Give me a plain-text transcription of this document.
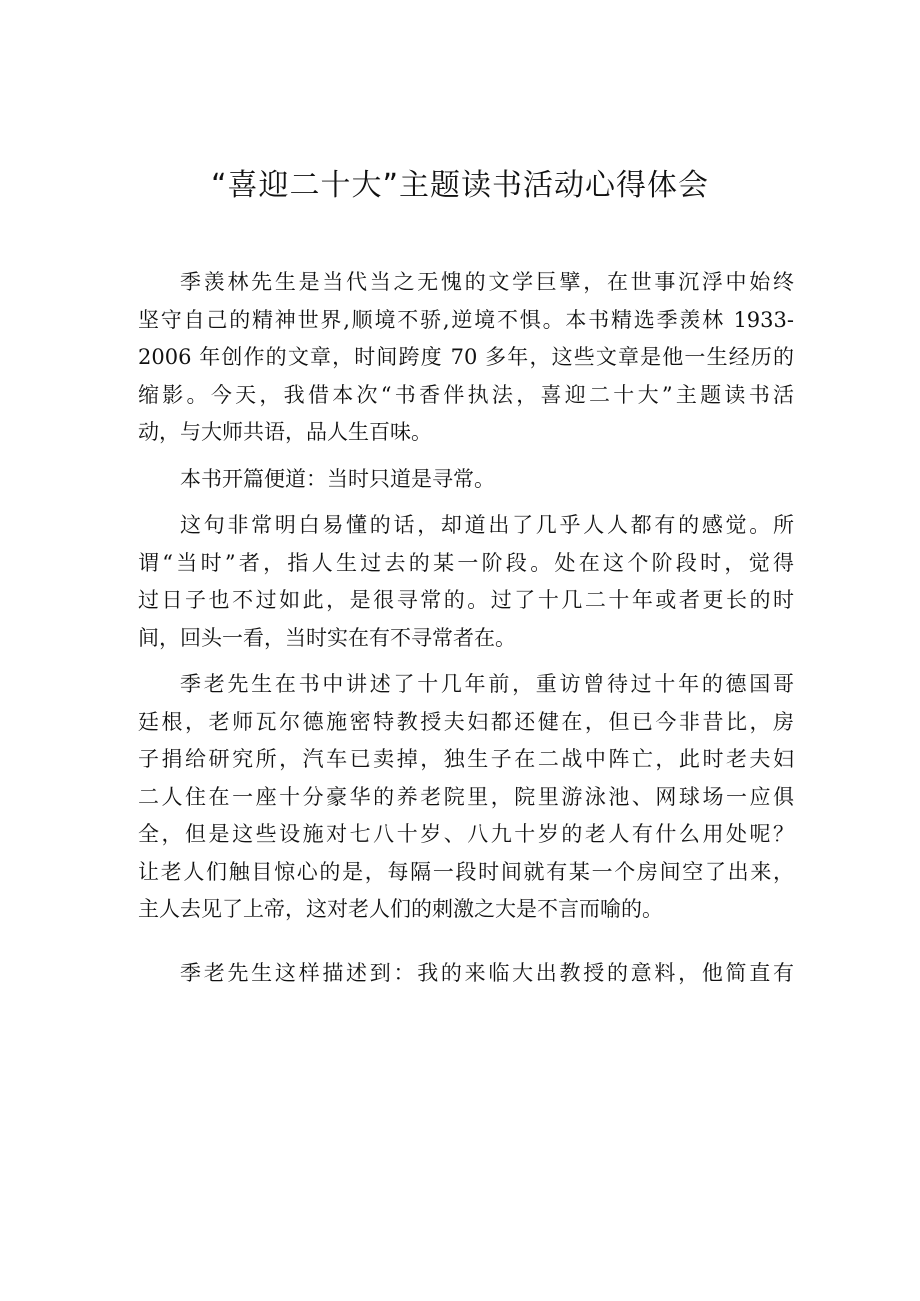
“喜迎二十大”主题读书活动心得体会
季羡林先生是当代当之无愧的文学巨擘，在世事沉浮中始终
坚守自己的精神世界,顺境不骄,逆境不惧。本书精选季羡林 1933-
2006 年创作的文章，时间跨度 70 多年，这些文章是他一生经历的
缩影。今天，我借本次“书香伴执法，喜迎二十大”主题读书活
动，与大师共语，品人生百味。
本书开篇便道：当时只道是寻常。
这句非常明白易懂的话，却道出了几乎人人都有的感觉。所
谓“当时”者，指人生过去的某一阶段。处在这个阶段时，觉得
过日子也不过如此，是很寻常的。过了十几二十年或者更长的时
间，回头一看，当时实在有不寻常者在。
季老先生在书中讲述了十几年前，重访曾待过十年的德国哥
廷根，老师瓦尔德施密特教授夫妇都还健在，但已今非昔比，房
子捐给研究所，汽车已卖掉，独生子在二战中阵亡，此时老夫妇
二人住在一座十分豪华的养老院里，院里游泳池、网球场一应俱
全，但是这些设施对七八十岁、八九十岁的老人有什么用处呢？
让老人们触目惊心的是，每隔一段时间就有某一个房间空了出来，
主人去见了上帝，这对老人们的刺激之大是不言而喻的。
季老先生这样描述到：我的来临大出教授的意料，他简直有
